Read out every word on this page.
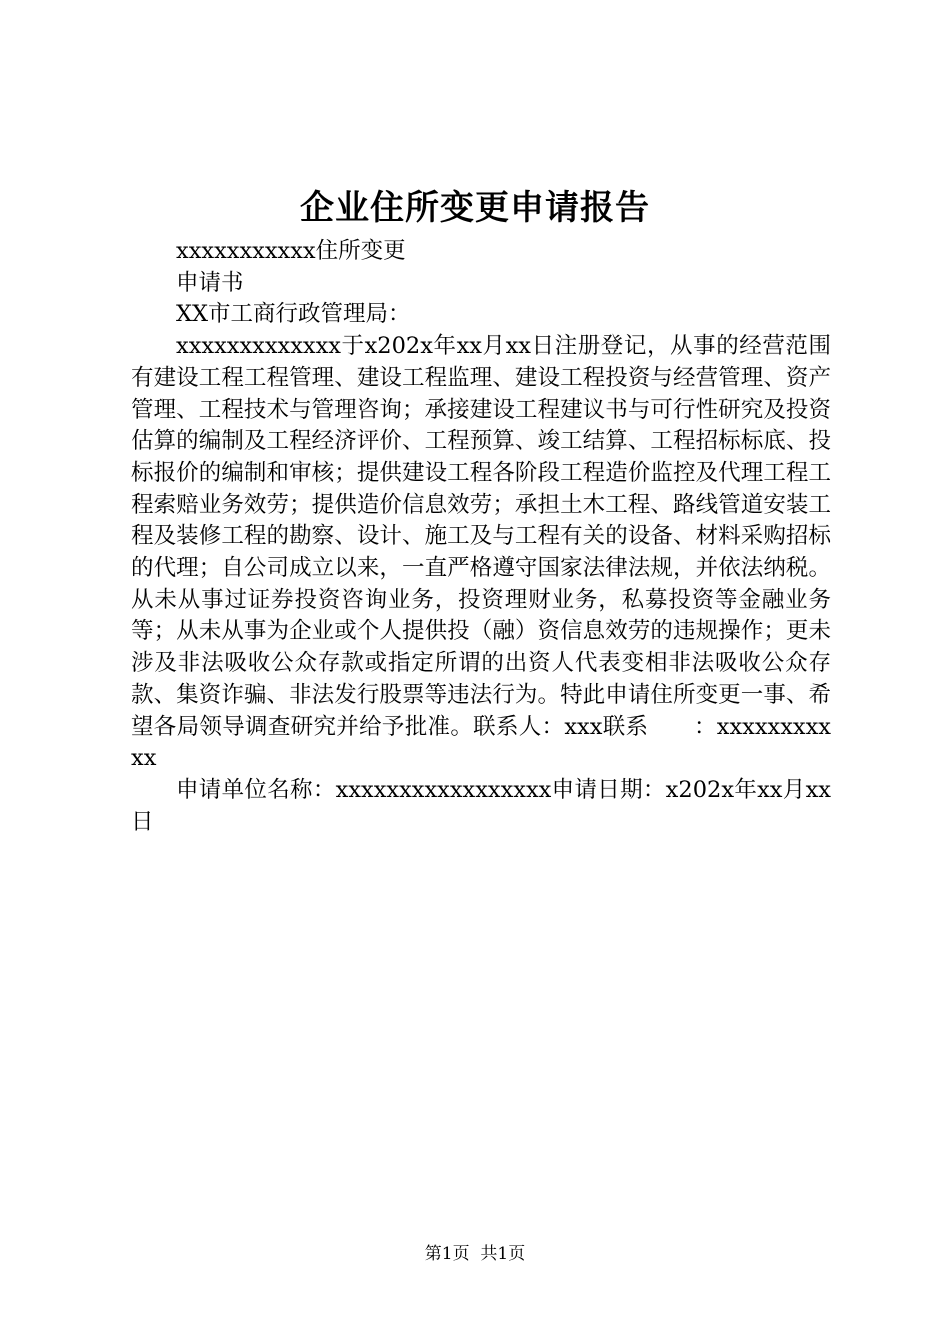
企业住所变更申请报告

xxxxxxxxxxx住所变更

申请书

XX市工商行政管理局：

xxxxxxxxxxxxx于x202x年xx月xx日注册登记，从事的经营范围有建设工程工程管理、建设工程监理、建设工程投资与经营管理、资产管理、工程技术与管理咨询；承接建设工程建议书与可行性研究及投资估算的编制及工程经济评价、工程预算、竣工结算、工程招标标底、投标报价的编制和审核；提供建设工程各阶段工程造价监控及代理工程工程索赔业务效劳；提供造价信息效劳；承担土木工程、路线管道安装工程及装修工程的勘察、设计、施工及与工程有关的设备、材料采购招标的代理；自公司成立以来，一直严格遵守国家法律法规，并依法纳税。从未从事过证券投资咨询业务，投资理财业务，私募投资等金融业务等；从未从事为企业或个人提供投（融）资信息效劳的违规操作；更未涉及非法吸收公众存款或指定所谓的出资人代表变相非法吸收公众存款、集资诈骗、非法发行股票等违法行为。特此申请住所变更一事、希望各局领导调查研究并给予批准。联系人：xxx联系　　：xxxxxxxxxxx

申请单位名称：xxxxxxxxxxxxxxxxx申请日期：x202x年xx月xx日

第1页  共1页
